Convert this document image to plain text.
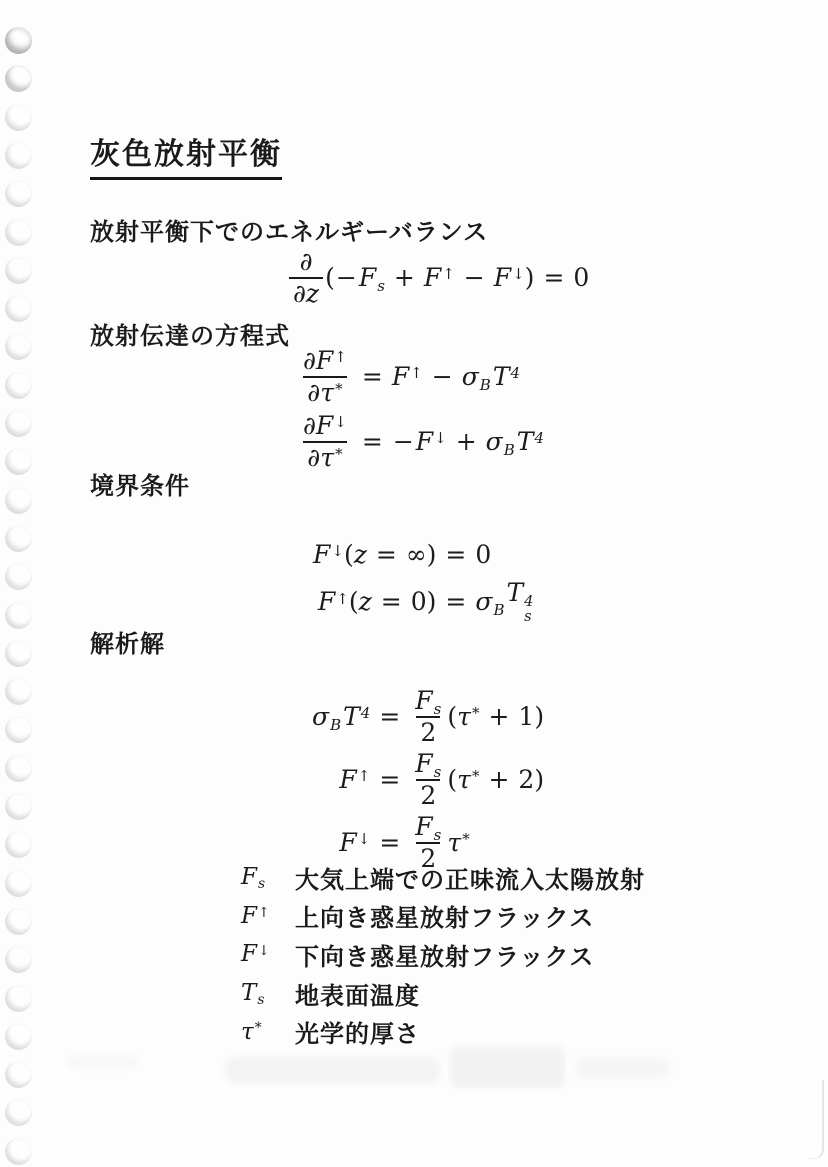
灰色放射平衡
放射平衡下でのエネルギーバランス
$\frac{\partial}{\partial z}$ ( − $F_s + F^↑ - F^↓$ ) = 0
放射伝達の方程式
$\frac{\partial F^↑}{\partial\tau^*} = F^↑ - \sigma_B$ $T^4$
$\frac{\partial F^↓}{\partial\tau^*}$ = − $F^↓ + \sigma_B$ $T^4$
境界条件
F↓ ( z = ∞ ) = 0
F↑ ( z = 0 ) = $\sigma_B$
T 4
s
解析解
$\sigma_B$ $T^4 = \frac{F_s}{2}$ ( τ* + 1 )
$F^↑ = \frac{F_s}{2}$ ( τ* + 2 )
$F^↓ = \frac{F_s}{2} \tau^*$
$F_s$ 大気上端での正味流入太陽放射
F↑ 上向き惑星放射フラックス
F↓ 下向き惑星放射フラックス
$T_s$ 地表面温度
τ* 光学的厚さ
